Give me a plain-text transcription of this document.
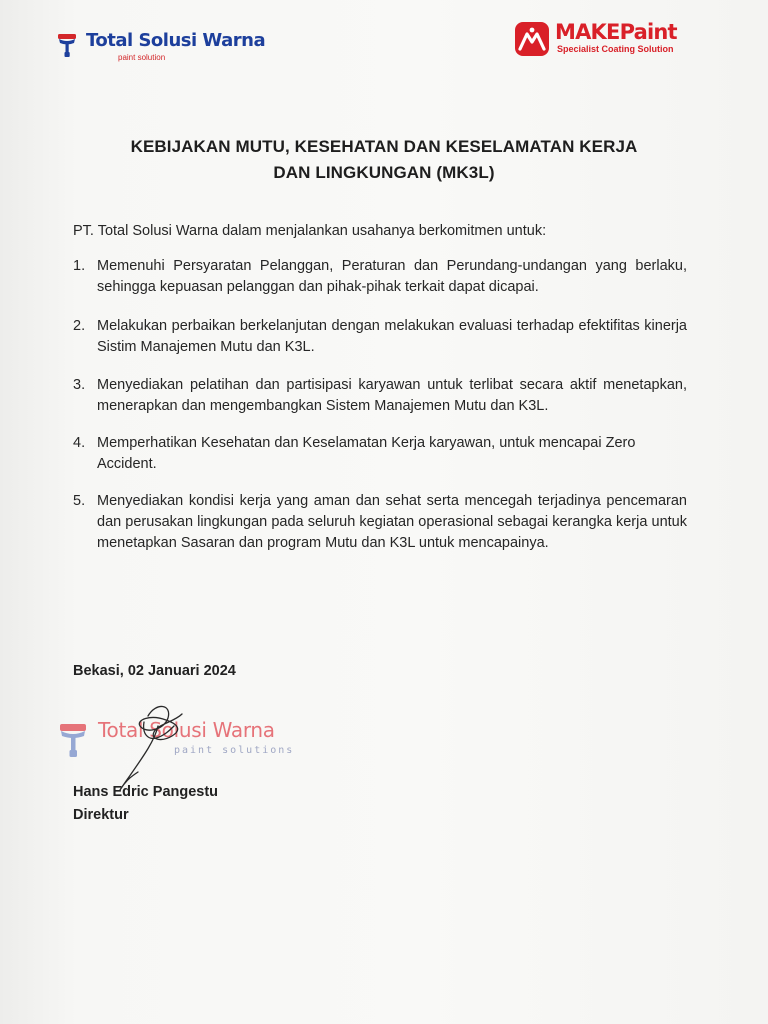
Total Solusi Warna
paint solution
MAKEPaint
Specialist Coating Solution
KEBIJAKAN MUTU, KESEHATAN DAN KESELAMATAN KERJA
DAN LINGKUNGAN (MK3L)
PT. Total Solusi Warna dalam menjalankan usahanya berkomitmen untuk:
1. Memenuhi Persyaratan Pelanggan, Peraturan dan Perundang-undangan yang berlaku, sehingga kepuasan pelanggan dan pihak-pihak terkait dapat dicapai.
2. Melakukan perbaikan berkelanjutan dengan melakukan evaluasi terhadap efektifitas kinerja Sistim Manajemen Mutu dan K3L.
3. Menyediakan pelatihan dan partisipasi karyawan untuk terlibat secara aktif menetapkan, menerapkan dan mengembangkan Sistem Manajemen Mutu dan K3L.
4. Memperhatikan Kesehatan dan Keselamatan Kerja karyawan, untuk mencapai Zero Accident.
5. Menyediakan kondisi kerja yang aman dan sehat serta mencegah terjadinya pencemaran dan perusakan lingkungan pada seluruh kegiatan operasional sebagai kerangka kerja untuk menetapkan Sasaran dan program Mutu dan K3L untuk mencapainya.
Bekasi, 02 Januari 2024
Total Solusi Warna
paint solutions
Hans Edric Pangestu
Direktur
